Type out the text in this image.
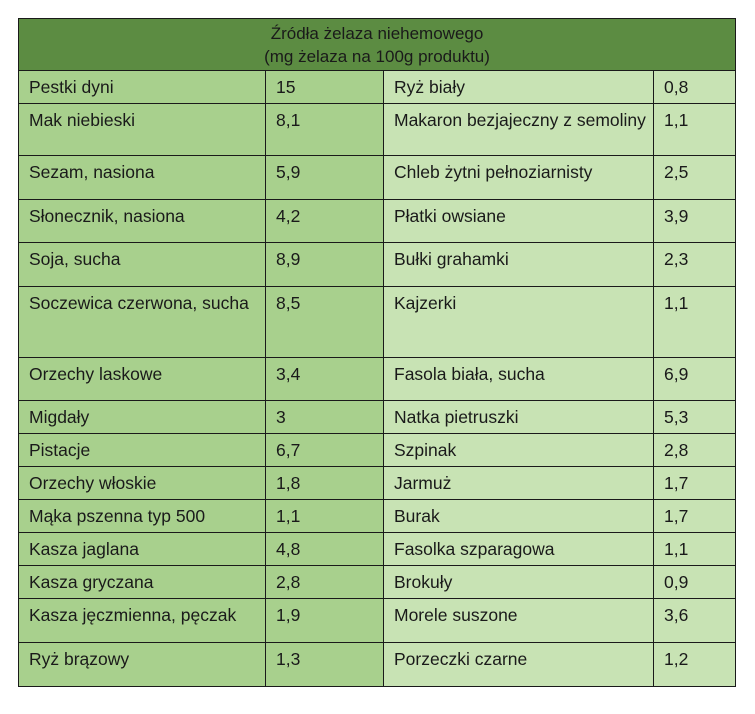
Źródła żelaza niehemowego
(mg żelaza na 100g produktu)			

Pestki dyni	15	Ryż biały	0,8

Mak niebieski	8,1	Makaron bezjajeczny z semoliny	1,1

Sezam, nasiona	5,9	Chleb żytni pełnoziarnisty	2,5

Słonecznik, nasiona	4,2	Płatki owsiane	3,9

Soja, sucha	8,9	Bułki grahamki	2,3

Soczewica czerwona, sucha	8,5	Kajzerki	1,1

Orzechy laskowe	3,4	Fasola biała, sucha	6,9

Migdały	3	Natka pietruszki	5,3

Pistacje	6,7	Szpinak	2,8

Orzechy włoskie	1,8	Jarmuż	1,7

Mąka pszenna typ 500	1,1	Burak	1,7

Kasza jaglana	4,8	Fasolka szparagowa	1,1

Kasza gryczana	2,8	Brokuły	0,9

Kasza jęczmienna, pęczak	1,9	Morele suszone	3,6

Ryż brązowy	1,3	Porzeczki czarne	1,2
